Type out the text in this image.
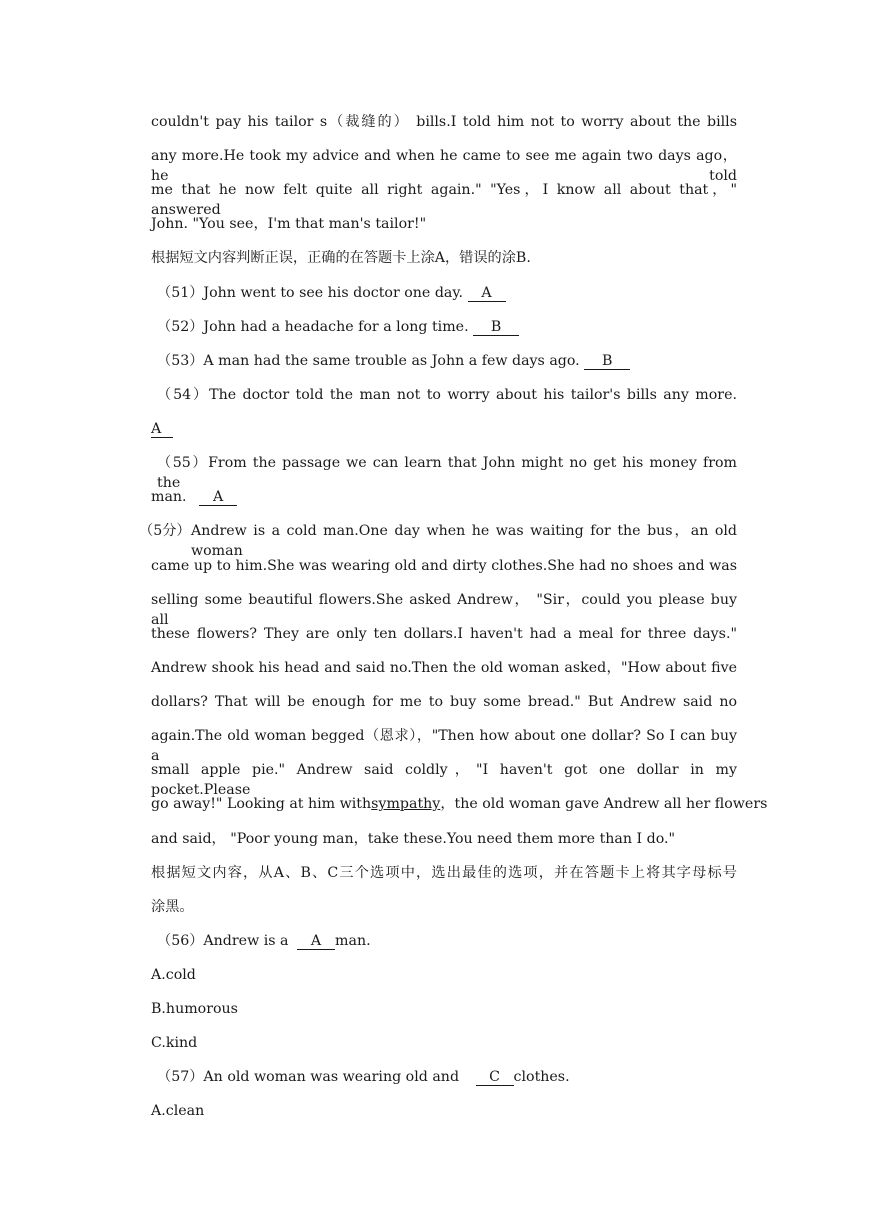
couldn't pay his tailor s（裁缝的） bills.I told him not to worry about the bills
any more.He took my advice and when he came to see me again two days ago，he told
me that he now felt quite all right again." "Yes，I know all about that，" answered
John. "You see，I'm that man's tailor!"
根据短文内容判断正误，正确的在答题卡上涂A，错误的涂B.
（51）John went to see his doctor one day. A
（52）John had a headache for a long time. B
（53）A man had the same trouble as John a few days ago. B
（54）The doctor told the man not to worry about his tailor's bills any more.
A
（55）From the passage we can learn that John might no get his money from the
man. A
（5分） Andrew is a cold man.One day when he was waiting for the bus，an old woman
came up to him.She was wearing old and dirty clothes.She had no shoes and was
selling some beautiful flowers.She asked Andrew， "Sir，could you please buy all
these flowers? They are only ten dollars.I haven't had a meal for three days."
Andrew shook his head and said no.Then the old woman asked，"How about five
dollars? That will be enough for me to buy some bread." But Andrew said no
again.The old woman begged（恩求），"Then how about one dollar? So I can buy a
small apple pie." Andrew said coldly，"I haven't got one dollar in my pocket.Please
go away!" Looking at him with sympathy ，the old woman gave Andrew all her flowers
and said， "Poor young man，take these.You need them more than I do."
根据短文内容，从A、B、C三个选项中，选出最佳的选项，并在答题卡上将其字母标号
涂黑。
（56）Andrew is a A man.
A.cold
B.humorous
C.kind
（57）An old woman was wearing old and C clothes.
A.clean
